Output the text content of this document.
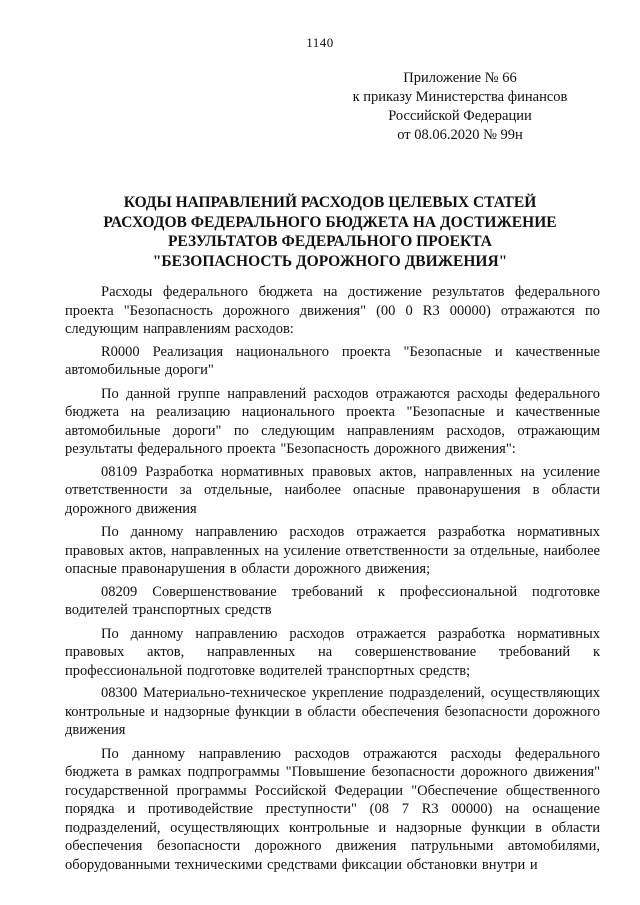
1140
Приложение № 66
к приказу Министерства финансов
Российской Федерации
от 08.06.2020 № 99н
КОДЫ НАПРАВЛЕНИЙ РАСХОДОВ ЦЕЛЕВЫХ СТАТЕЙ
РАСХОДОВ ФЕДЕРАЛЬНОГО БЮДЖЕТА НА ДОСТИЖЕНИЕ
РЕЗУЛЬТАТОВ ФЕДЕРАЛЬНОГО ПРОЕКТА
"БЕЗОПАСНОСТЬ ДОРОЖНОГО ДВИЖЕНИЯ"

Расходы федерального бюджета на достижение результатов федерального проекта "Безопасность дорожного движения" (00 0 R3 00000) отражаются по следующим направлениям расходов:

R0000 Реализация национального проекта "Безопасные и качественные автомобильные дороги"

По данной группе направлений расходов отражаются расходы федерального бюджета на реализацию национального проекта "Безопасные и качественные автомобильные дороги" по следующим направлениям расходов, отражающим результаты федерального проекта "Безопасность дорожного движения":

08109 Разработка нормативных правовых актов, направленных на усиление ответственности за отдельные, наиболее опасные правонарушения в области дорожного движения

По данному направлению расходов отражается разработка нормативных правовых актов, направленных на усиление ответственности за отдельные, наиболее опасные правонарушения в области дорожного движения;

08209 Совершенствование требований к профессиональной подготовке водителей транспортных средств

По данному направлению расходов отражается разработка нормативных правовых актов, направленных на совершенствование требований к профессиональной подготовке водителей транспортных средств;

08300 Материально-техническое укрепление подразделений, осуществляющих контрольные и надзорные функции в области обеспечения безопасности дорожного движения

По данному направлению расходов отражаются расходы федерального бюджета в рамках подпрограммы "Повышение безопасности дорожного движения" государственной программы Российской Федерации "Обеспечение общественного порядка и противодействие преступности" (08 7 R3 00000) на оснащение подразделений, осуществляющих контрольные и надзорные функции в области обеспечения безопасности дорожного движения патрульными автомобилями, оборудованными техническими средствами фиксации обстановки внутри и
